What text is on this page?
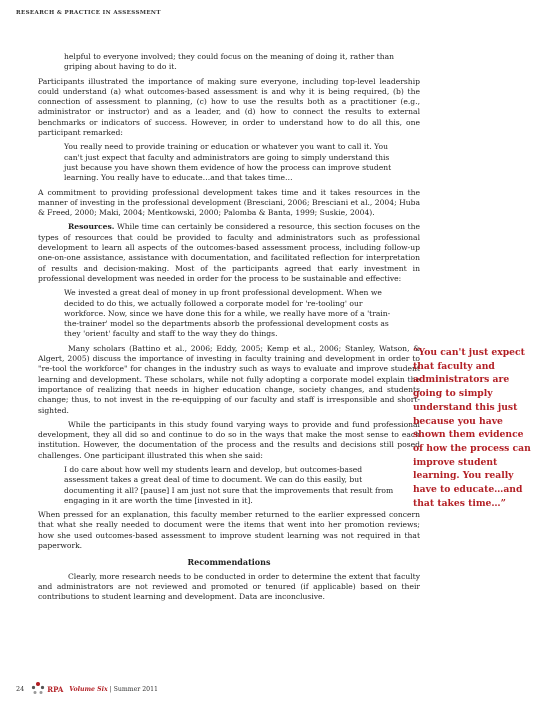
RESEARCH & PRACTICE IN ASSESSMENT

helpful to everyone involved; they could focus on the meaning of doing it, rather than griping about having to do it.

Participants illustrated the importance of making sure everyone, including top-level leadership could understand (a) what outcomes-based assessment is and why it is being required, (b) the connection of assessment to planning, (c) how to use the results both as a practitioner (e.g., administrator or instructor) and as a leader, and (d) how to connect the results to external benchmarks or indicators of success. However, in order to understand how to do all this, one participant remarked:

You really need to provide training or education or whatever you want to call it. You can't just expect that faculty and administrators are going to simply understand this just because you have shown them evidence of how the process can improve student learning. You really have to educate…and that takes time…

A commitment to providing professional development takes time and it takes resources in the manner of investing in the professional development (Bresciani, 2006; Bresciani et al., 2004; Huba & Freed, 2000; Maki, 2004; Mentkowski, 2000; Palomba & Banta, 1999; Suskie, 2004).

Resources. While time can certainly be considered a resource, this section focuses on the types of resources that could be provided to faculty and administrators such as professional development to learn all aspects of the outcomes-based assessment process, including follow-up one-on-one assistance, assistance with documentation, and facilitated reflection for interpretation of results and decision-making. Most of the participants agreed that early investment in professional development was needed in order for the process to be sustainable and effective:

We invested a great deal of money in up front professional development. When we decided to do this, we actually followed a corporate model for 're-tooling' our workforce. Now, since we have done this for a while, we really have more of a 'train-the-trainer' model so the departments absorb the professional development costs as they 'orient' faculty and staff to the way they do things.

Many scholars (Battino et al., 2006; Eddy, 2005; Kemp et al., 2006; Stanley, Watson, & Algert, 2005) discuss the importance of investing in faculty training and development in order to "re-tool the workforce" for changes in the industry such as ways to evaluate and improve student learning and development. These scholars, while not fully adopting a corporate model explain the importance of realizing that needs in higher education change, society changes, and students change; thus, to not invest in the re-equipping of our faculty and staff is irresponsible and short-sighted.

While the participants in this study found varying ways to provide and fund professional development, they all did so and continue to do so in the ways that make the most sense to each institution. However, the documentation of the process and the results and decisions still posed challenges. One participant illustrated this when she said:

I do care about how well my students learn and develop, but outcomes-based assessment takes a great deal of time to document. We can do this easily, but documenting it all? [pause] I am just not sure that the improvements that result from engaging in it are worth the time [invested in it].

When pressed for an explanation, this faculty member returned to the earlier expressed concern that what she really needed to document were the items that went into her promotion reviews; how she used outcomes-based assessment to improve student learning was not required in that paperwork.

Recommendations

Clearly, more research needs to be conducted in order to determine the extent that faculty and administrators are not reviewed and promoted or tenured (if applicable) based on their contributions to student learning and development. Data are inconclusive.

“You can't just expect that faculty and administrators are going to simply understand this just because you have shown them evidence of how the process can improve student learning. You really have to educate…and that takes time…”
24	RPA Volume Six | Summer 2011
